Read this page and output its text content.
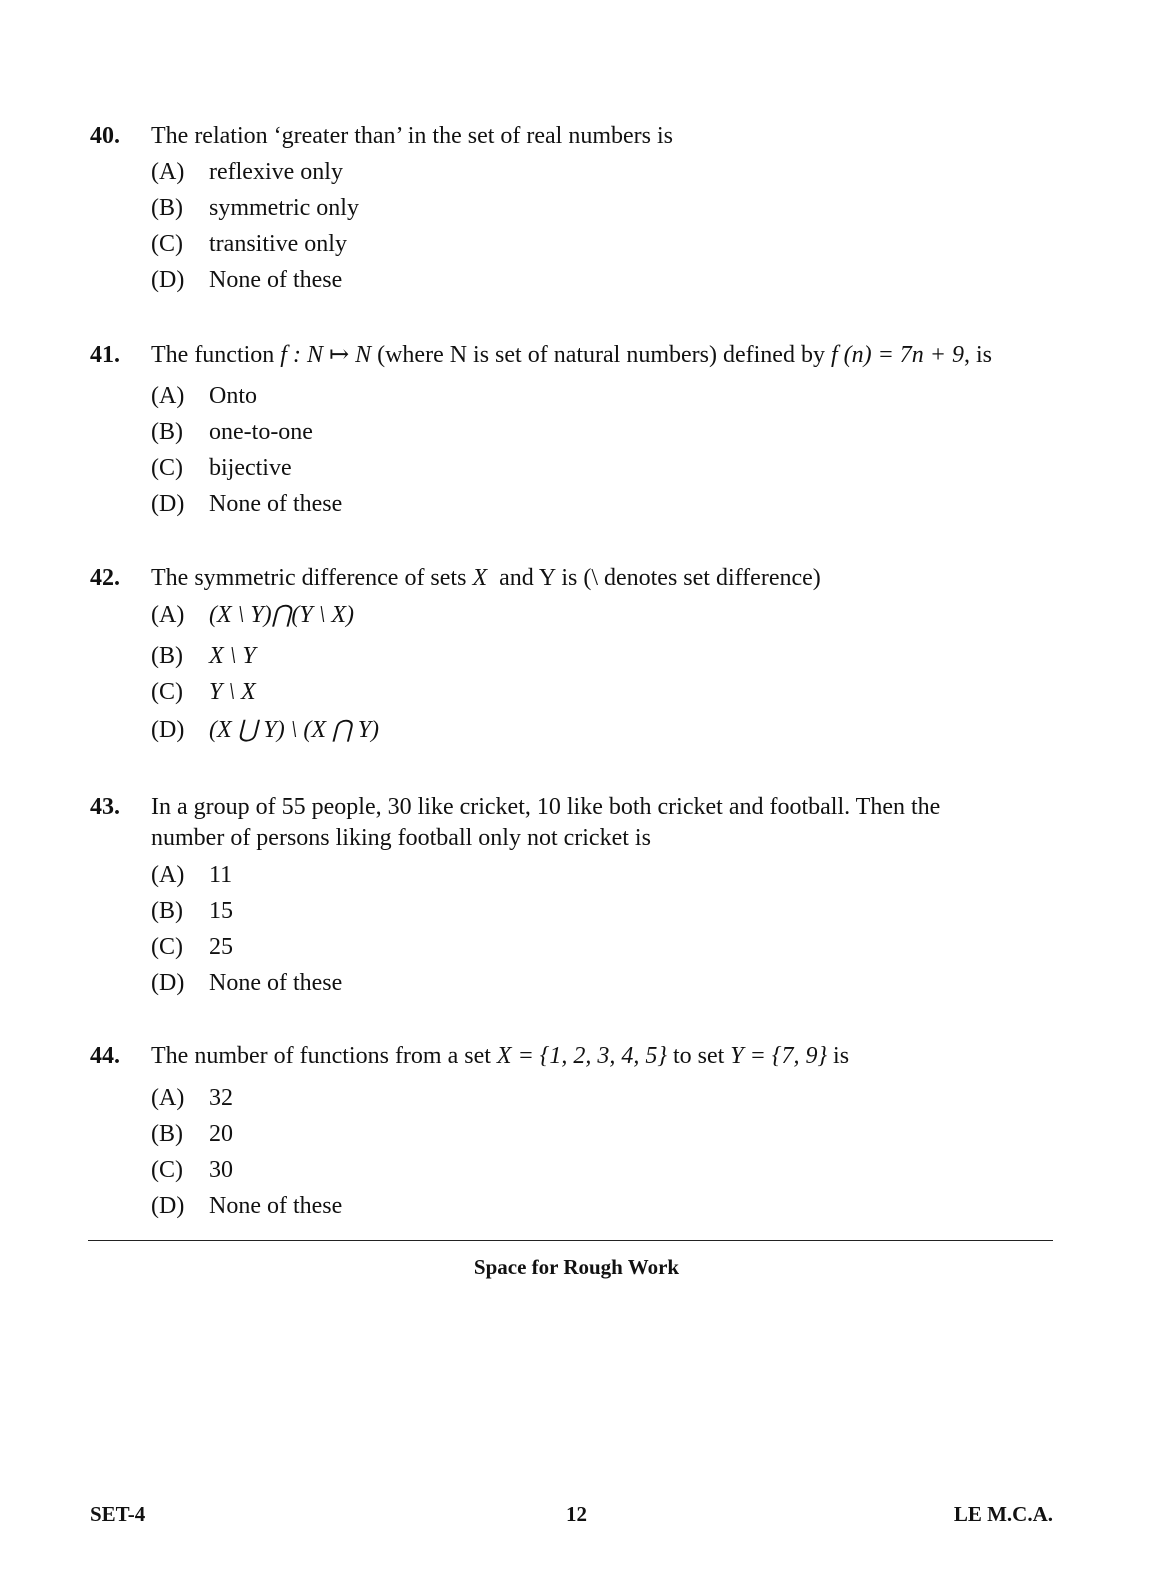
40. The relation ‘greater than’ in the set of real numbers is
(A) reflexive only
(B) symmetric only
(C) transitive only
(D) None of these
41. The function f : N ↦ N (where N is set of natural numbers) defined by f (n) = 7n + 9, is
(A) Onto
(B) one-to-one
(C) bijective
(D) None of these
42. The symmetric difference of sets X  and Y is (\ denotes set difference)
(A) (X \ Y)⋂(Y \ X)
(B) X \ Y
(C) Y \ X
(D) (X ⋃ Y) \ (X ⋂ Y)
43. In a group of 55 people, 30 like cricket, 10 like both cricket and football. Then the number of persons liking football only not cricket is
(A) 11
(B) 15
(C) 25
(D) None of these
44. The number of functions from a set X = {1, 2, 3, 4, 5} to set Y = {7, 9} is
(A) 32
(B) 20
(C) 30
(D) None of these
Space for Rough Work
SET-4	12	LE M.C.A.
